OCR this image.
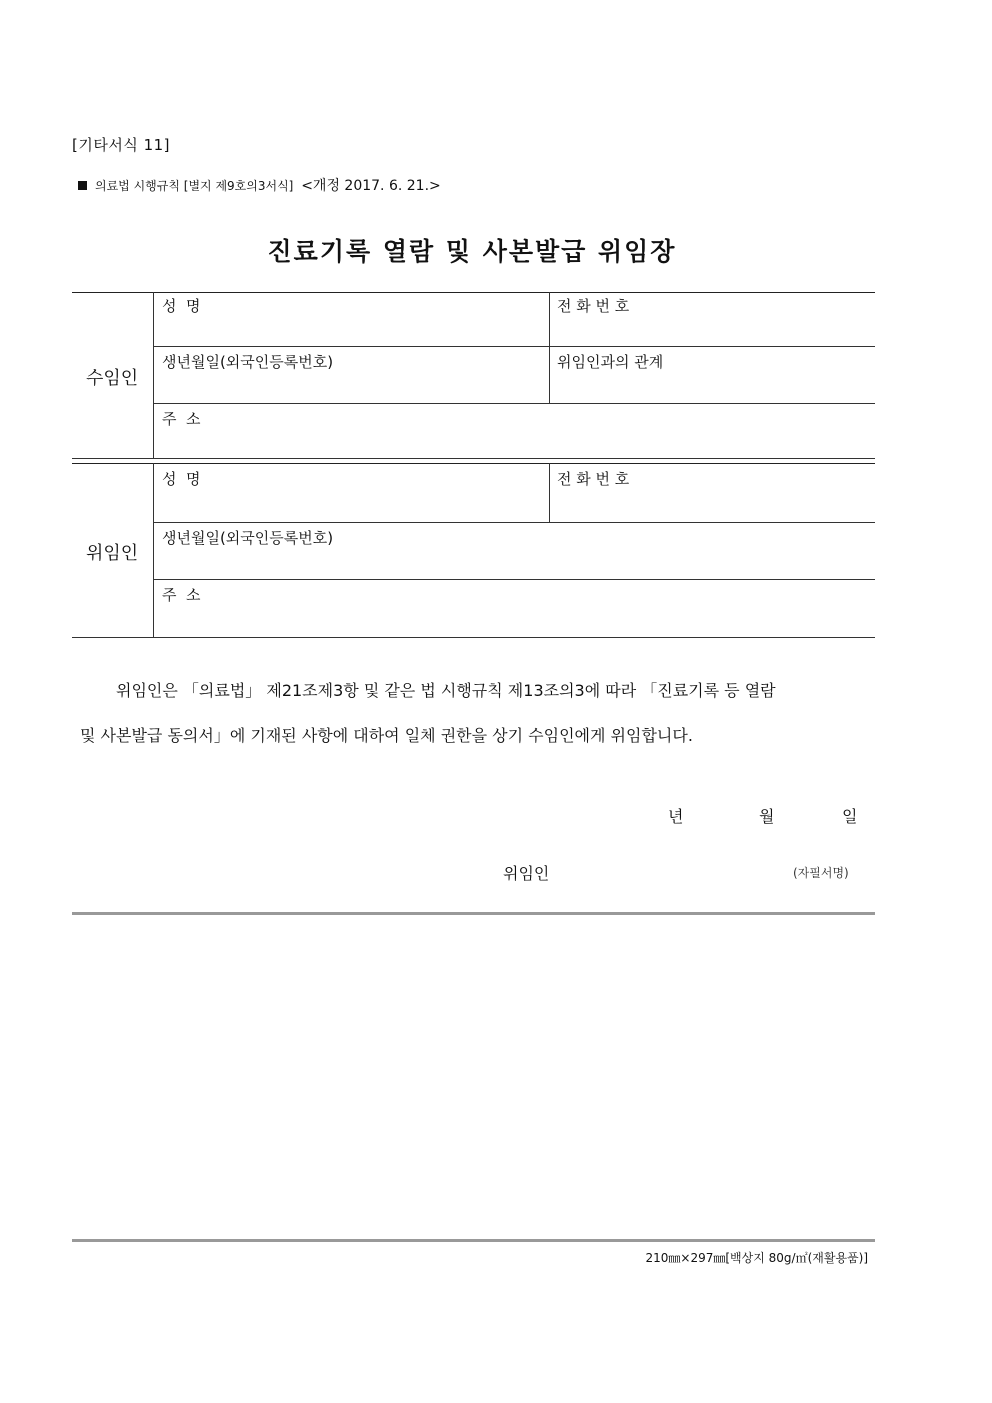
[기타서식 11]
의료법 시행규칙 [별지 제9호의3서식] <개정 2017. 6. 21.>
진료기록 열람 및 사본발급 위임장
수임인
성  명	전 화 번 호
생년월일(외국인등록번호)	위임인과의 관계
주  소
위임인
성  명	전 화 번 호
생년월일(외국인등록번호)
주  소
위임인은 「의료법」 제21조제3항 및 같은 법 시행규칙 제13조의3에 따라 「진료기록 등 열람
및 사본발급 동의서」에 기재된 사항에 대하여 일체 권한을 상기 수임인에게 위임합니다.
년	월	일
위임인	(자필서명)
210㎜×297㎜[백상지 80g/㎡(재활용품)]
